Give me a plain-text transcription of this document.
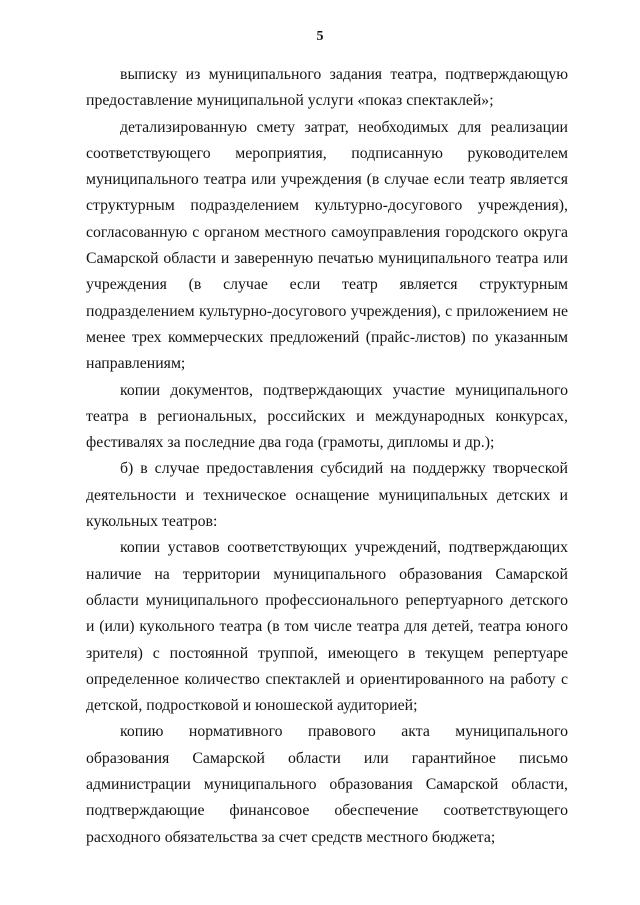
5

выписку из муниципального задания театра, подтверждающую предоставление муниципальной услуги «показ спектаклей»;

детализированную смету затрат, необходимых для реализации соответствующего мероприятия, подписанную руководителем муниципального театра или учреждения (в случае если театр является структурным подразделением культурно-досугового учреждения), согласованную с органом местного самоуправления городского округа Самарской области и заверенную печатью муниципального театра или учреждения (в случае если театр является структурным подразделением культурно-досугового учреждения), с приложением не менее трех коммерческих предложений (прайс-листов) по указанным направлениям;

копии документов, подтверждающих участие муниципального театра в региональных, российских и международных конкурсах, фестивалях за последние два года (грамоты, дипломы и др.);

б) в случае предоставления субсидий на поддержку творческой деятельности и техническое оснащение муниципальных детских и кукольных театров:

копии уставов соответствующих учреждений, подтверждающих наличие на территории муниципального образования Самарской области муниципального профессионального репертуарного детского и (или) кукольного театра (в том числе театра для детей, театра юного зрителя) с постоянной труппой, имеющего в текущем репертуаре определенное количество спектаклей и ориентированного на работу с детской, подростковой и юношеской аудиторией;

копию нормативного правового акта муниципального образования Самарской области или гарантийное письмо администрации муниципального образования Самарской области, подтверждающие финансовое обеспечение соответствующего расходного обязательства за счет средств местного бюджета;
